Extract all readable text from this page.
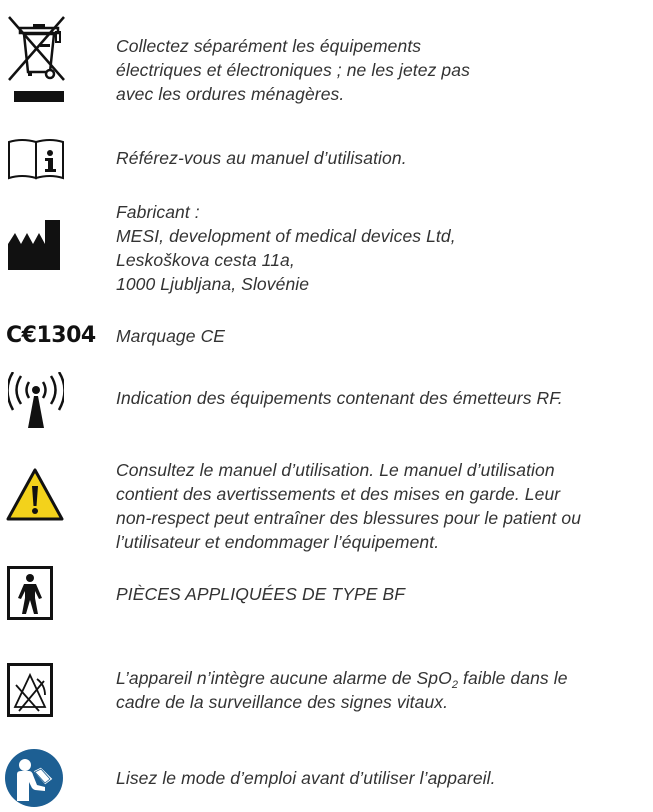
Collectez séparément les équipements
électriques et électroniques ; ne les jetez pas
avec les ordures ménagères.
Référez-vous au manuel d’utilisation.
Fabricant :
MESI, development of medical devices Ltd,
Leskoškova cesta 11a,
1000 Ljubljana, Slovénie
C€1304 Marquage CE
Indication des équipements contenant des émetteurs RF.
Consultez le manuel d’utilisation. Le manuel d’utilisation
contient des avertissements et des mises en garde. Leur
non-respect peut entraîner des blessures pour le patient ou
l’utilisateur et endommager l’équipement.
PIÈCES APPLIQUÉES DE TYPE BF
L’appareil n’intègre aucune alarme de SpO$_2$ faible dans le
cadre de la surveillance des signes vitaux.
Lisez le mode d’emploi avant d’utiliser l’appareil.
